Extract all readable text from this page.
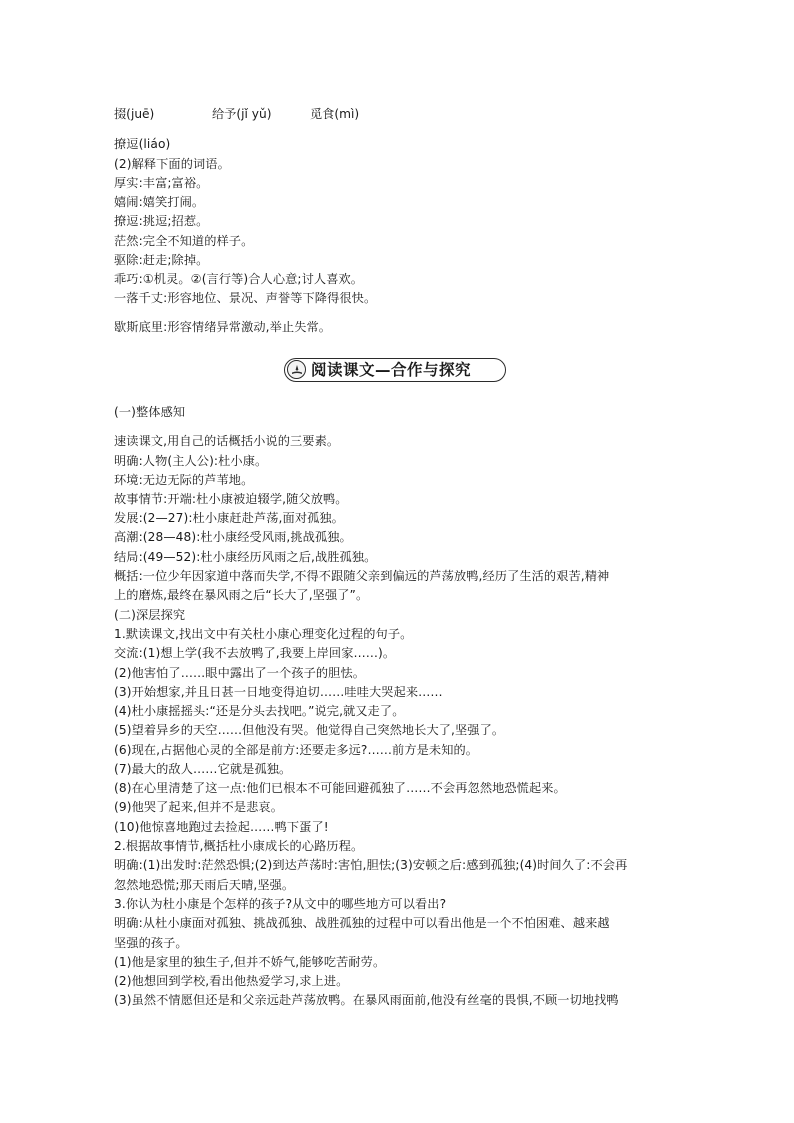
掇(juē)	给予(jǐ yǔ)	觅食(mì)
撩逗(liáo)
(2)解释下面的词语。
厚实:丰富;富裕。
嬉闹:嬉笑打闹。
撩逗:挑逗;招惹。
茫然:完全不知道的样子。
驱除:赶走;除掉。
乖巧:①机灵。②(言行等)合人心意;讨人喜欢。
一落千丈:形容地位、景况、声誉等下降得很快。
歇斯底里:形容情绪异常激动,举止失常。
阅读课文—合作与探究
(一)整体感知
速读课文,用自己的话概括小说的三要素。
明确:人物(主人公):杜小康。
环境:无边无际的芦苇地。
故事情节:开端:杜小康被迫辍学,随父放鸭。
发展:(2—27):杜小康赶赴芦荡,面对孤独。
高潮:(28—48):杜小康经受风雨,挑战孤独。
结局:(49—52):杜小康经历风雨之后,战胜孤独。
概括:一位少年因家道中落而失学,不得不跟随父亲到偏远的芦荡放鸭,经历了生活的艰苦,精神
上的磨炼,最终在暴风雨之后“长大了,坚强了”。
(二)深层探究
1.默读课文,找出文中有关杜小康心理变化过程的句子。
交流:(1)想上学(我不去放鸭了,我要上岸回家……)。
(2)他害怕了……眼中露出了一个孩子的胆怯。
(3)开始想家,并且日甚一日地变得迫切……哇哇大哭起来……
(4)杜小康摇摇头:“还是分头去找吧。”说完,就又走了。
(5)望着异乡的天空……但他没有哭。他觉得自己突然地长大了,坚强了。
(6)现在,占据他心灵的全部是前方:还要走多远?……前方是未知的。
(7)最大的敌人……它就是孤独。
(8)在心里清楚了这一点:他们已根本不可能回避孤独了……不会再忽然地恐慌起来。
(9)他哭了起来,但并不是悲哀。
(10)他惊喜地跑过去捡起……鸭下蛋了!
2.根据故事情节,概括杜小康成长的心路历程。
明确:(1)出发时:茫然恐惧;(2)到达芦荡时:害怕,胆怯;(3)安顿之后:感到孤独;(4)时间久了:不会再
忽然地恐慌;那天雨后天晴,坚强。
3.你认为杜小康是个怎样的孩子?从文中的哪些地方可以看出?
明确:从杜小康面对孤独、挑战孤独、战胜孤独的过程中可以看出他是一个不怕困难、越来越
坚强的孩子。
(1)他是家里的独生子,但并不娇气,能够吃苦耐劳。
(2)他想回到学校,看出他热爱学习,求上进。
(3)虽然不情愿但还是和父亲远赴芦荡放鸭。在暴风雨面前,他没有丝毫的畏惧,不顾一切地找鸭
